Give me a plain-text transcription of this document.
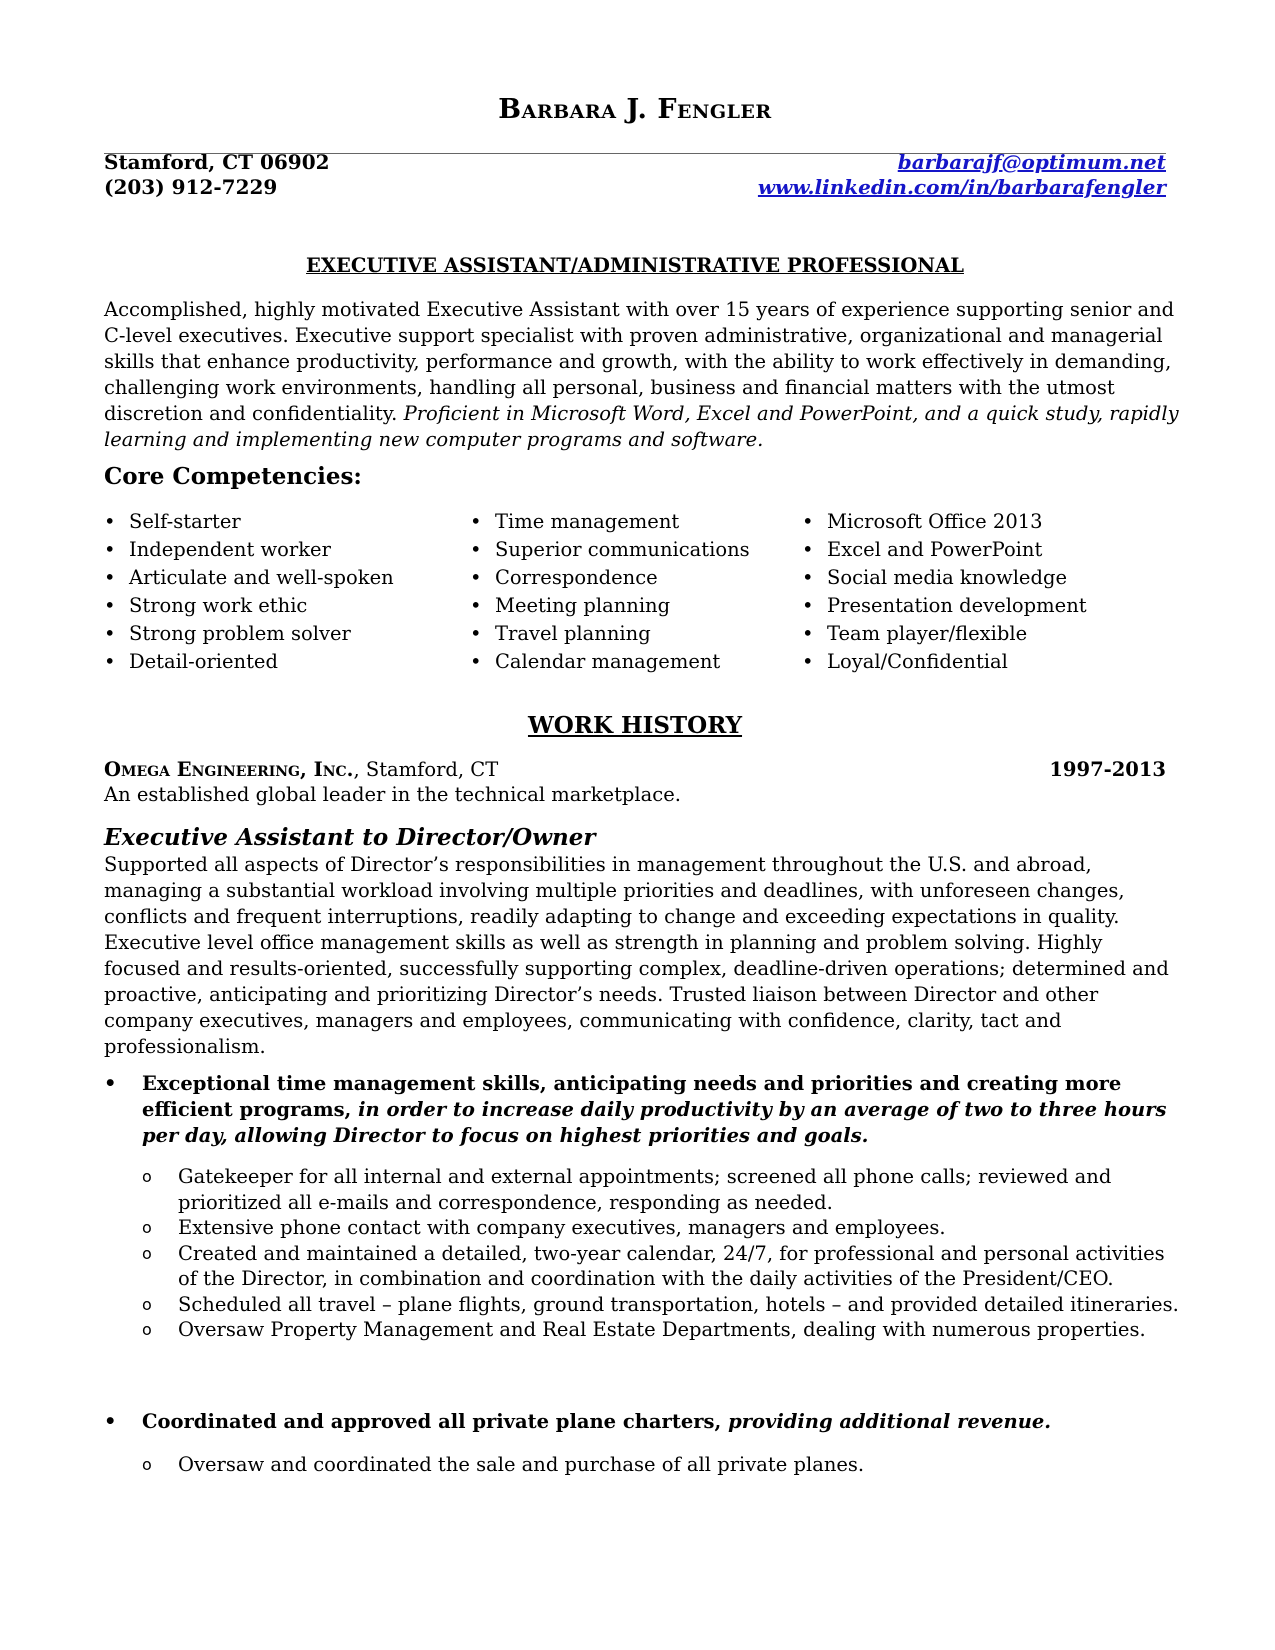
Barbara J. Fengler
Stamford, CT 06902	barbarajf@optimum.net
(203) 912-7229	www.linkedin.com/in/barbarafengler
EXECUTIVE ASSISTANT/ADMINISTRATIVE PROFESSIONAL
Accomplished, highly motivated Executive Assistant with over 15 years of experience supporting senior and C-level executives. Executive support specialist with proven administrative, organizational and managerial skills that enhance productivity, performance and growth, with the ability to work effectively in demanding, challenging work environments, handling all personal, business and financial matters with the utmost discretion and confidentiality. Proficient in Microsoft Word, Excel and PowerPoint, and a quick study, rapidly learning and implementing new computer programs and software.
Core Competencies:
• Self-starter
• Independent worker
• Articulate and well-spoken
• Strong work ethic
• Strong problem solver
• Detail-oriented
• Time management
• Superior communications
• Correspondence
• Meeting planning
• Travel planning
• Calendar management
• Microsoft Office 2013
• Excel and PowerPoint
• Social media knowledge
• Presentation development
• Team player/flexible
• Loyal/Confidential
WORK HISTORY
Omega Engineering, Inc., Stamford, CT	1997-2013
An established global leader in the technical marketplace.
Executive Assistant to Director/Owner
Supported all aspects of Director’s responsibilities in management throughout the U.S. and abroad, managing a substantial workload involving multiple priorities and deadlines, with unforeseen changes, conflicts and frequent interruptions, readily adapting to change and exceeding expectations in quality. Executive level office management skills as well as strength in planning and problem solving. Highly focused and results-oriented, successfully supporting complex, deadline-driven operations; determined and proactive, anticipating and prioritizing Director’s needs. Trusted liaison between Director and other company executives, managers and employees, communicating with confidence, clarity, tact and professionalism.
• Exceptional time management skills, anticipating needs and priorities and creating more efficient programs, in order to increase daily productivity by an average of two to three hours per day, allowing Director to focus on highest priorities and goals.
o Gatekeeper for all internal and external appointments; screened all phone calls; reviewed and prioritized all e-mails and correspondence, responding as needed.
o Extensive phone contact with company executives, managers and employees.
o Created and maintained a detailed, two-year calendar, 24/7, for professional and personal activities of the Director, in combination and coordination with the daily activities of the President/CEO.
o Scheduled all travel – plane flights, ground transportation, hotels – and provided detailed itineraries.
o Oversaw Property Management and Real Estate Departments, dealing with numerous properties.
• Coordinated and approved all private plane charters, providing additional revenue.
o Oversaw and coordinated the sale and purchase of all private planes.
